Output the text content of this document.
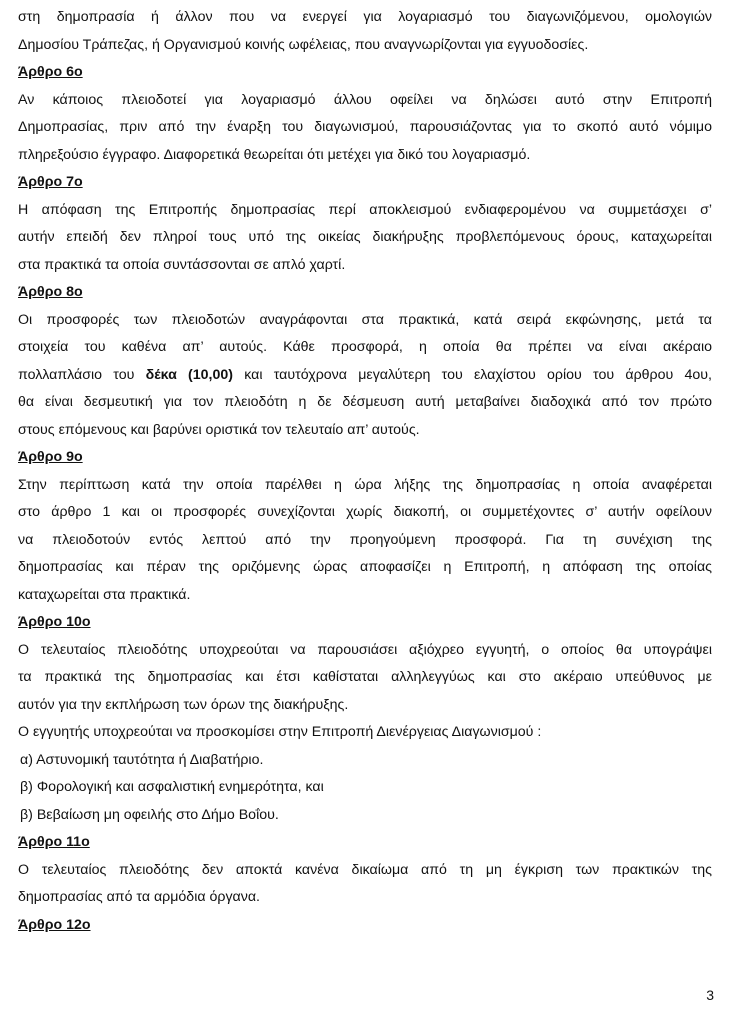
στη δημοπρασία ή άλλον που να ενεργεί για λογαριασμό του διαγωνιζόμενου, ομολογιών
Δημοσίου Τράπεζας, ή Οργανισμού κοινής ωφέλειας, που αναγνωρίζονται για εγγυοδοσίες.
Άρθρο 6ο
Αν κάποιος πλειοδοτεί για λογαριασμό άλλου οφείλει να δηλώσει αυτό στην Επιτροπή
Δημοπρασίας, πριν από την έναρξη του διαγωνισμού, παρουσιάζοντας για το σκοπό αυτό νόμιμο
πληρεξούσιο έγγραφο. Διαφορετικά θεωρείται ότι μετέχει για δικό του λογαριασμό.
Άρθρο 7ο
Η απόφαση της Επιτροπής δημοπρασίας περί αποκλεισμού ενδιαφερομένου να συμμετάσχει σ’
αυτήν επειδή δεν πληροί τους υπό της οικείας διακήρυξης προβλεπόμενους όρους, καταχωρείται
στα πρακτικά τα οποία συντάσσονται σε απλό χαρτί.
Άρθρο 8ο
Οι προσφορές των πλειοδοτών αναγράφονται στα πρακτικά, κατά σειρά εκφώνησης, μετά τα
στοιχεία του καθένα απ’ αυτούς. Κάθε προσφορά, η οποία θα πρέπει να είναι ακέραιο
πολλαπλάσιο του δέκα (10,00) και ταυτόχρονα μεγαλύτερη του ελαχίστου ορίου του άρθρου 4ου,
θα είναι δεσμευτική για τον πλειοδότη η δε δέσμευση αυτή μεταβαίνει διαδοχικά από τον πρώτο
στους επόμενους και βαρύνει οριστικά τον τελευταίο απ’ αυτούς.
Άρθρο 9ο
Στην περίπτωση κατά την οποία παρέλθει η ώρα λήξης της δημοπρασίας η οποία αναφέρεται
στο άρθρο 1 και οι προσφορές συνεχίζονται χωρίς διακοπή, οι συμμετέχοντες σ’ αυτήν οφείλουν
να πλειοδοτούν εντός λεπτού από την προηγούμενη προσφορά. Για τη συνέχιση της
δημοπρασίας και πέραν της οριζόμενης ώρας αποφασίζει η Επιτροπή, η απόφαση της οποίας
καταχωρείται στα πρακτικά.
Άρθρο 10ο
Ο τελευταίος πλειοδότης υποχρεούται να παρουσιάσει αξιόχρεο εγγυητή, ο οποίος θα υπογράψει
τα πρακτικά της δημοπρασίας και έτσι καθίσταται αλληλεγγύως και στο ακέραιο υπεύθυνος με
αυτόν για την εκπλήρωση των όρων της διακήρυξης.
Ο εγγυητής υποχρεούται να προσκομίσει στην Επιτροπή Διενέργειας Διαγωνισμού :
α) Αστυνομική ταυτότητα ή Διαβατήριο.
β) Φορολογική και ασφαλιστική ενημερότητα, και
β) Βεβαίωση μη οφειλής στο Δήμο Βοΐου.
Άρθρο 11ο
Ο τελευταίος πλειοδότης δεν αποκτά κανένα δικαίωμα από τη μη έγκριση των πρακτικών της
δημοπρασίας από τα αρμόδια όργανα.
Άρθρο 12ο
3
